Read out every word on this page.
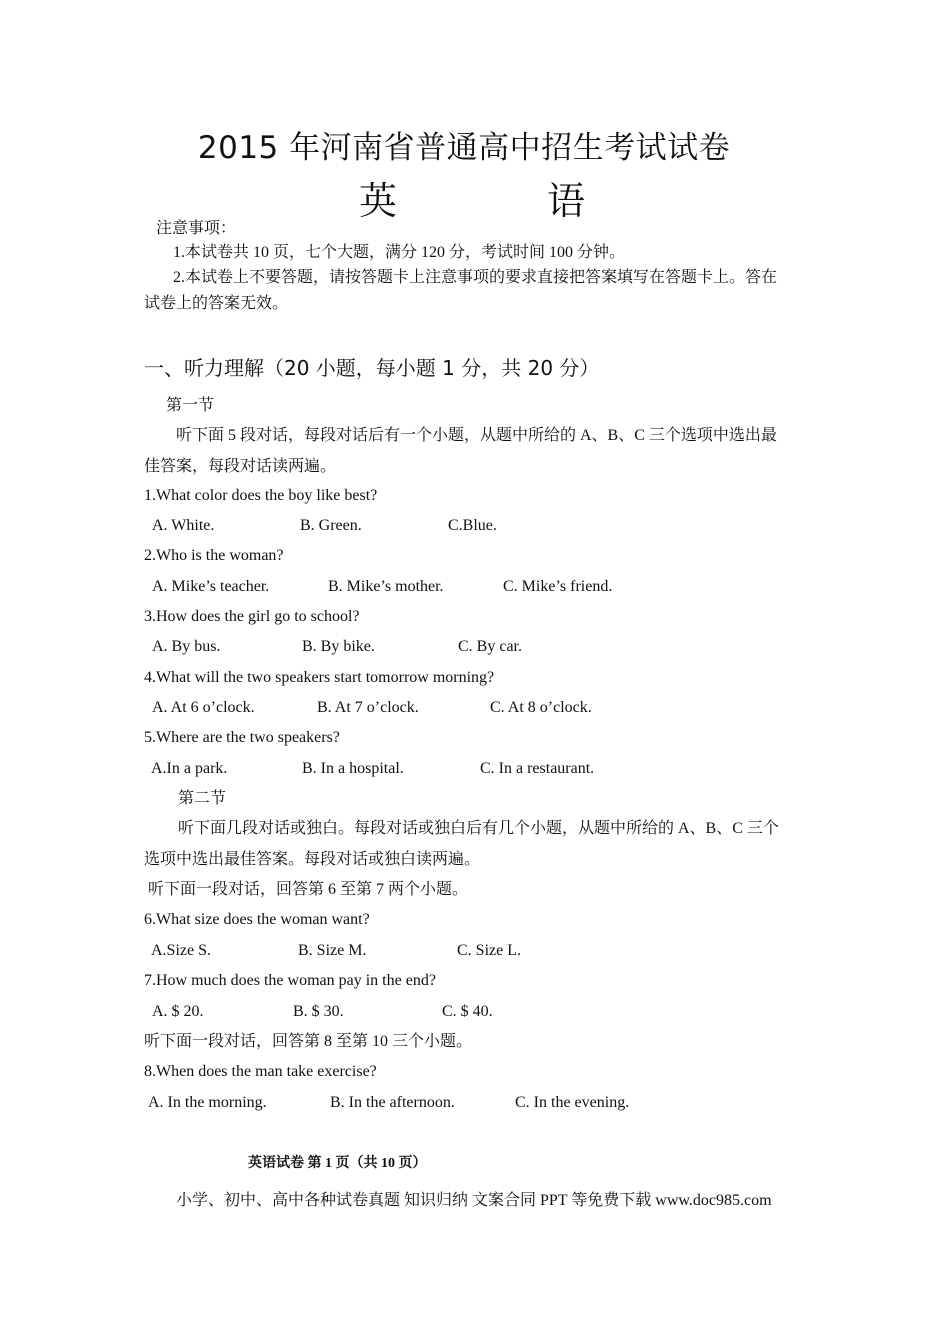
2015 年河南省普通高中招生考试试卷
英	语
注意事项：
1.本试卷共 10 页，七个大题，满分 120 分，考试时间 100 分钟。
2.本试卷上不要答题，请按答题卡上注意事项的要求直接把答案填写在答题卡上。答在
试卷上的答案无效。
一、听力理解（20 小题，每小题 1 分，共 20 分）
第一节
听下面 5 段对话，每段对话后有一个小题，从题中所给的 A、B、C 三个选项中选出最
佳答案，每段对话读两遍。
1.What color does the boy like best?
A. White.	B. Green.	C.Blue.
2.Who is the woman?
A. Mike’s teacher.	B. Mike’s mother.	C. Mike’s friend.
3.How does the girl go to school?
A. By bus.	B. By bike.	C. By car.
4.What will the two speakers start tomorrow morning?
A. At 6 o’clock.	B. At 7 o’clock.	C. At 8 o’clock.
5.Where are the two speakers?
A.In a park.	B. In a hospital.	C. In a restaurant.
第二节
听下面几段对话或独白。每段对话或独白后有几个小题，从题中所给的 A、B、C 三个
选项中选出最佳答案。每段对话或独白读两遍。
听下面一段对话，回答第 6 至第 7 两个小题。
6.What size does the woman want?
A.Size S.	B. Size M.	C. Size L.
7.How much does the woman pay in the end?
A. $ 20.	B. $ 30.	C. $ 40.
听下面一段对话，回答第 8 至第 10 三个小题。
8.When does the man take exercise?
A. In the morning.	B. In the afternoon.	C. In the evening.
英语试卷 第 1 页（共 10 页）
小学、初中、高中各种试卷真题 知识归纳 文案合同 PPT 等免费下载 www.doc985.com
